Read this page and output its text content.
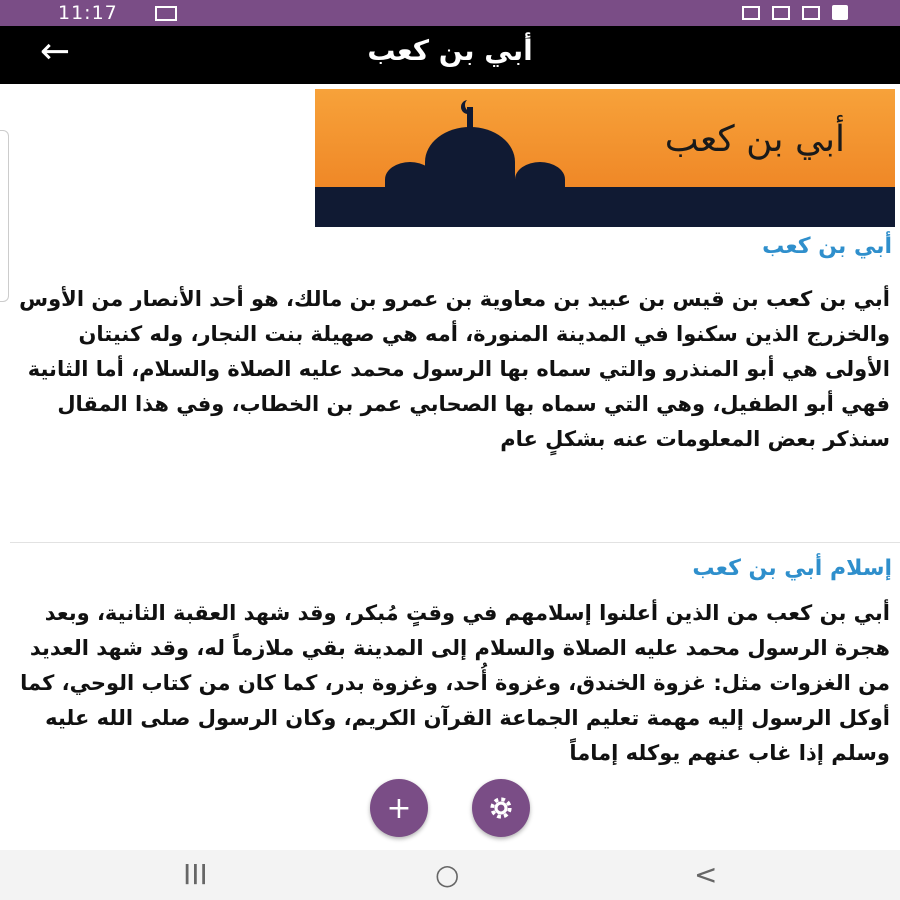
11:17
←	أبي بن كعب
أبي بن كعب
أبي بن كعب
أبي بن كعب بن قيس بن عبيد بن معاوية بن عمرو بن مالك، هو أحد الأنصار من الأوس والخزرج الذين سكنوا في المدينة المنورة، أمه هي صهيلة بنت النجار، وله كنيتان الأولى هي أبو المنذرو والتي سماه بها الرسول محمد عليه الصلاة والسلام، أما الثانية فهي أبو الطفيل، وهي التي سماه بها الصحابي عمر بن الخطاب، وفي هذا المقال سنذكر بعض المعلومات عنه بشكلٍ عام
إسلام أبي بن كعب
أبي بن كعب من الذين أعلنوا إسلامهم في وقتٍ مُبكر، وقد شهد العقبة الثانية، وبعد هجرة الرسول محمد عليه الصلاة والسلام إلى المدينة بقي ملازماً له، وقد شهد العديد من الغزوات مثل: غزوة الخندق، وغزوة أُحد، وغزوة بدر، كما كان من كتاب الوحي، كما أوكل الرسول إليه مهمة تعليم الجماعة القرآن الكريم، وكان الرسول صلى الله عليه وسلم إذا غاب عنهم يوكله إماماً
+
III	○	<
